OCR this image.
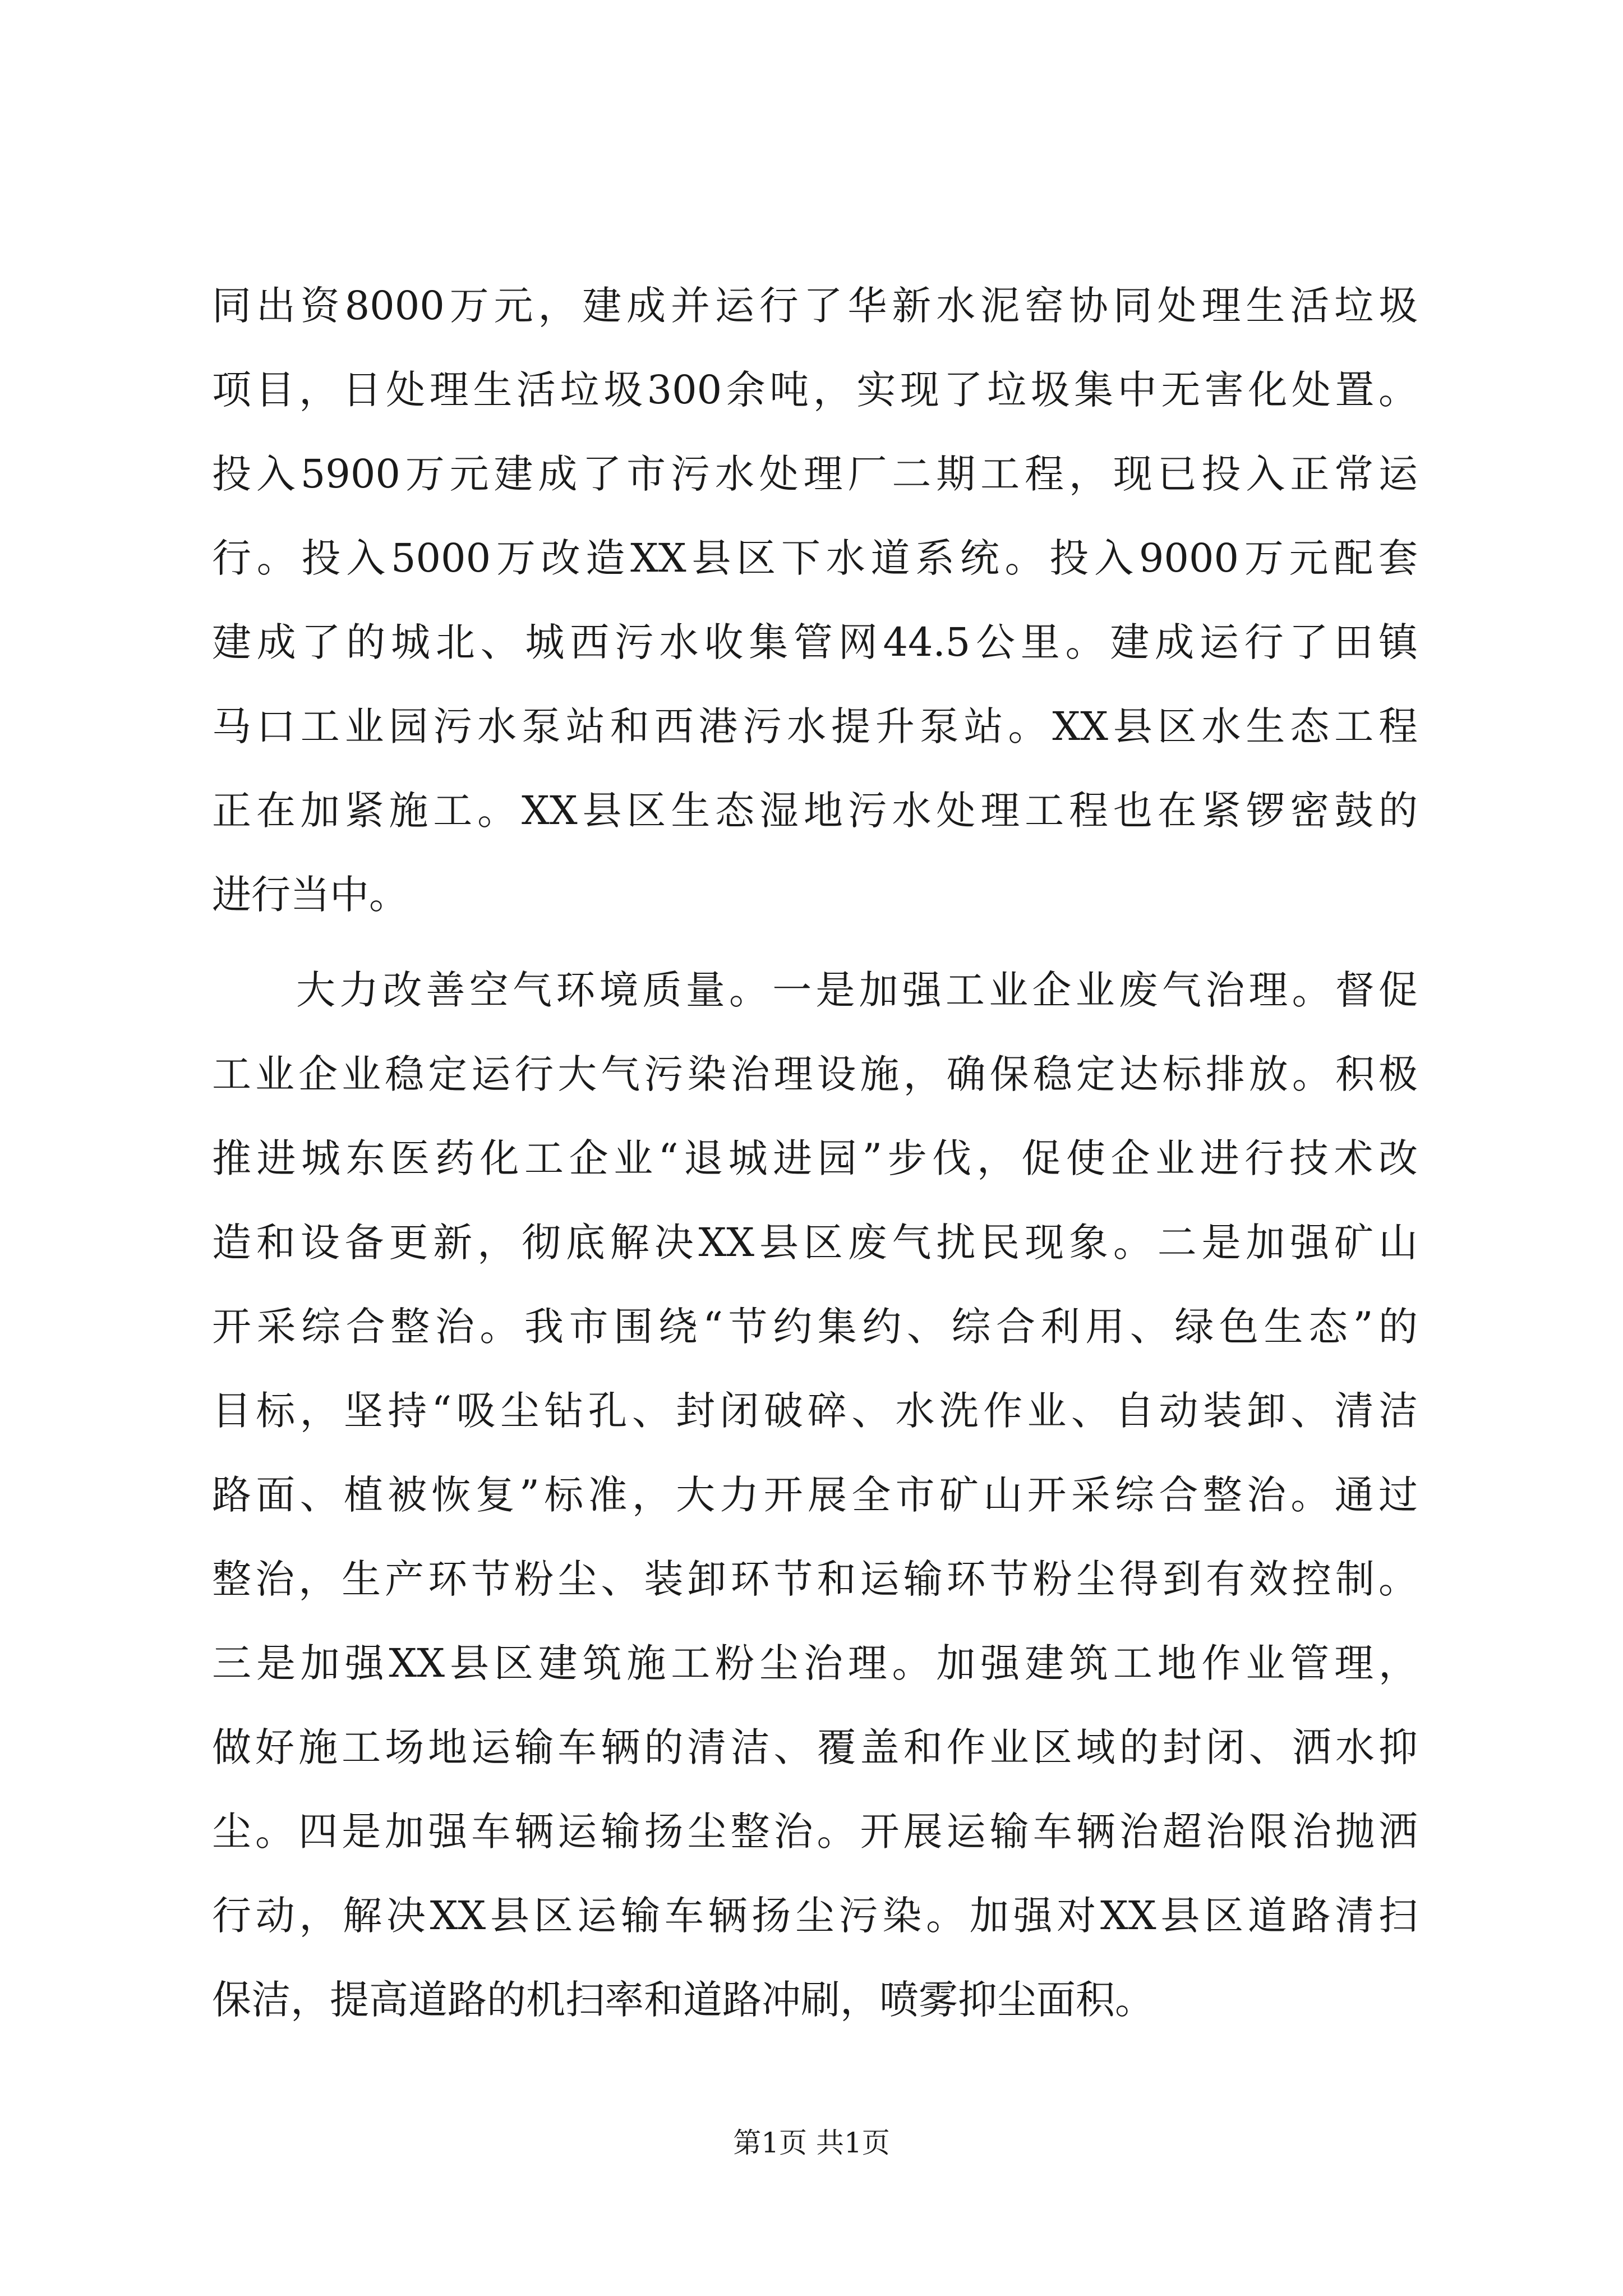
同出资8000万元，建成并运行了华新水泥窑协同处理生活垃圾
项目，日处理生活垃圾300余吨，实现了垃圾集中无害化处置。
投入5900万元建成了市污水处理厂二期工程，现已投入正常运
行。投入5000万改造XX县区下水道系统。投入9000万元配套
建成了的城北、城西污水收集管网44.5公里。建成运行了田镇
马口工业园污水泵站和西港污水提升泵站。XX县区水生态工程
正在加紧施工。XX县区生态湿地污水处理工程也在紧锣密鼓的
进行当中。
大力改善空气环境质量。一是加强工业企业废气治理。督促
工业企业稳定运行大气污染治理设施，确保稳定达标排放。积极
推进城东医药化工企业“退城进园”步伐，促使企业进行技术改
造和设备更新，彻底解决XX县区废气扰民现象。二是加强矿山
开采综合整治。我市围绕“节约集约、综合利用、绿色生态”的
目标，坚持“吸尘钻孔、封闭破碎、水洗作业、自动装卸、清洁
路面、植被恢复”标准，大力开展全市矿山开采综合整治。通过
整治，生产环节粉尘、装卸环节和运输环节粉尘得到有效控制。
三是加强XX县区建筑施工粉尘治理。加强建筑工地作业管理，
做好施工场地运输车辆的清洁、覆盖和作业区域的封闭、洒水抑
尘。四是加强车辆运输扬尘整治。开展运输车辆治超治限治抛洒
行动，解决XX县区运输车辆扬尘污染。加强对XX县区道路清扫
保洁，提高道路的机扫率和道路冲刷，喷雾抑尘面积。
第1页 共1页
